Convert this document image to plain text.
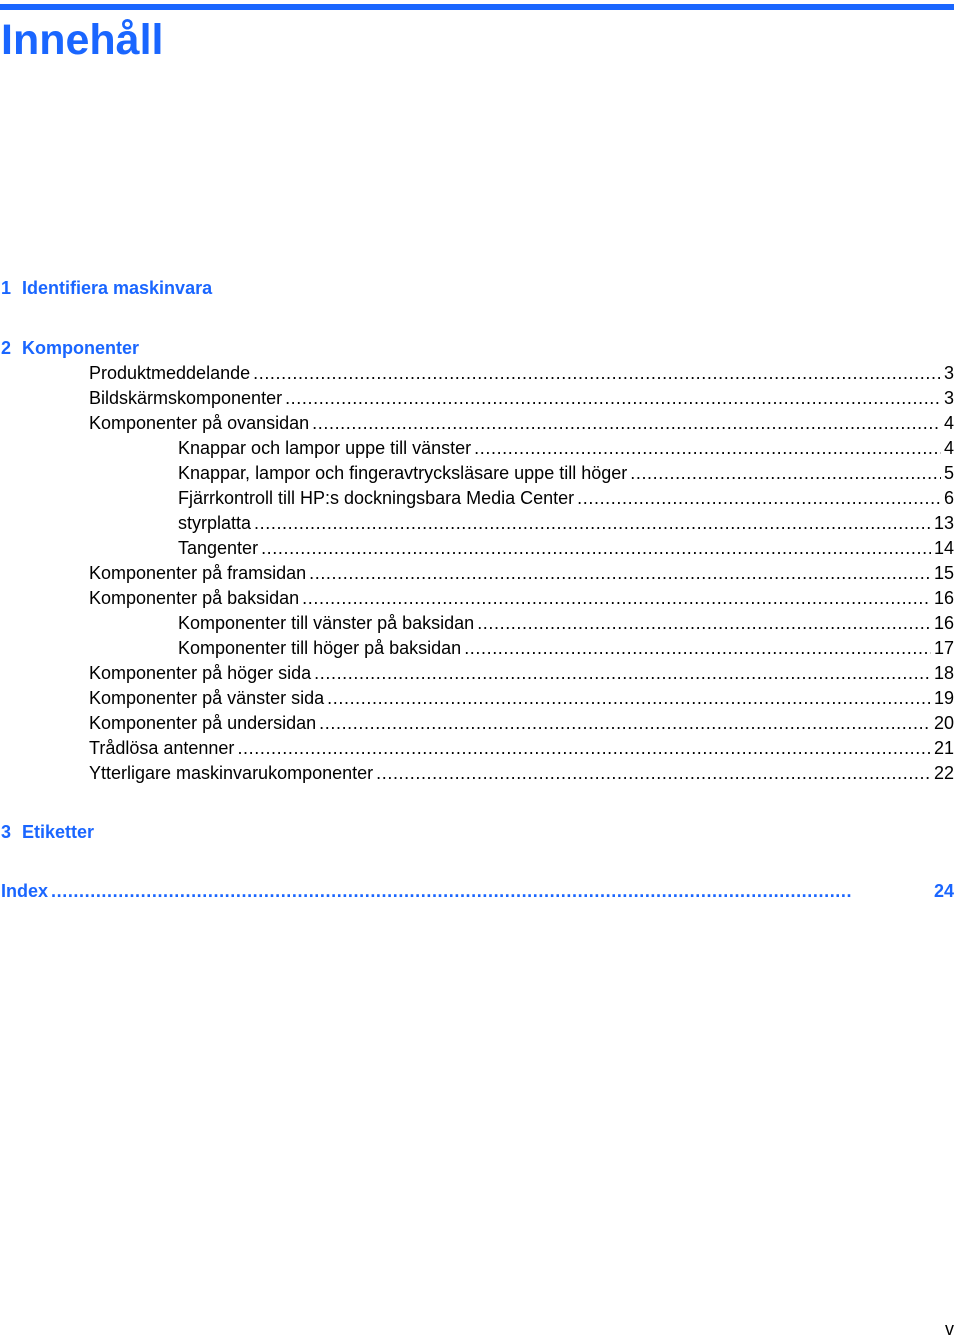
Innehåll
1 Identifiera maskinvara
2 Komponenter
Produktmeddelande . . .	3
Bildskärmskomponenter . . .	3
Komponenter på ovansidan . . .	4
Knappar och lampor uppe till vänster . . .	4
Knappar, lampor och fingeravtrycksläsare uppe till höger . . .	5
Fjärrkontroll till HP:s dockningsbara Media Center . . .	6
styrplatta . . .	13
Tangenter . . .	14
Komponenter på framsidan . . .	15
Komponenter på baksidan . . .	16
Komponenter till vänster på baksidan . . .	16
Komponenter till höger på baksidan . . .	17
Komponenter på höger sida . . .	18
Komponenter på vänster sida . . .	19
Komponenter på undersidan . . .	20
Trådlösa antenner . . .	21
Ytterligare maskinvarukomponenter . . .	22
3 Etiketter
Index . . .	24
v
